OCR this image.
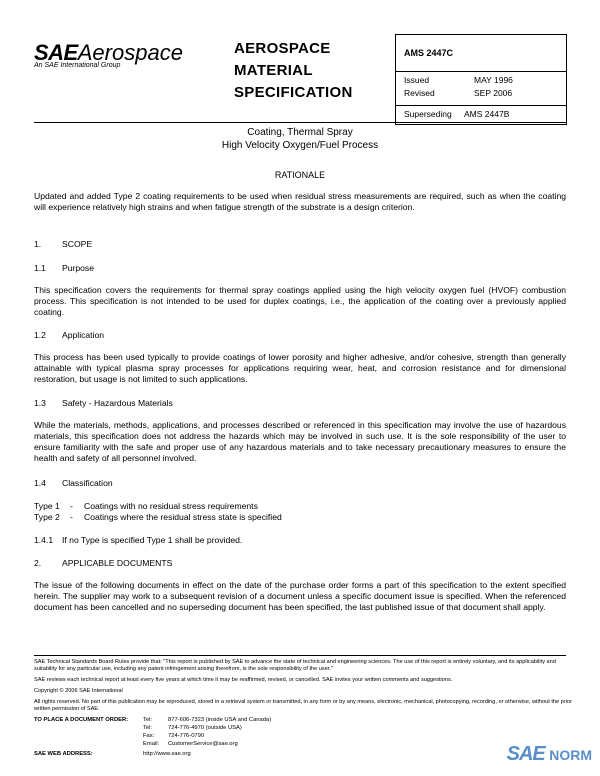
SAEAerospace
An SAE International Group
AEROSPACE
MATERIAL
SPECIFICATION
AMS 2447C
Issued	MAY 1996
Revised	SEP 2006
Superseding AMS 2447B
Coating, Thermal Spray
High Velocity Oxygen/Fuel Process
RATIONALE
Updated and added Type 2 coating requirements to be used when residual stress measurements are required, such as when the coating will experience relatively high strains and when fatigue strength of the substrate is a design criterion.
1. SCOPE
1.1 Purpose
This specification covers the requirements for thermal spray coatings applied using the high velocity oxygen fuel (HVOF) combustion process. This specification is not intended to be used for duplex coatings, i.e., the application of the coating over a previously applied coating.
1.2 Application
This process has been used typically to provide coatings of lower porosity and higher adhesive, and/or cohesive, strength than generally attainable with typical plasma spray processes for applications requiring wear, heat, and corrosion resistance and for dimensional restoration, but usage is not limited to such applications.
1.3 Safety - Hazardous Materials
While the materials, methods, applications, and processes described or referenced in this specification may involve the use of hazardous materials, this specification does not address the hazards which may be involved in such use. It is the sole responsibility of the user to ensure familiarity with the safe and proper use of any hazardous materials and to take necessary precautionary measures to ensure the health and safety of all personnel involved.
1.4 Classification
Type 1 - Coatings with no residual stress requirements
Type 2 - Coatings where the residual stress state is specified
1.4.1 If no Type is specified Type 1 shall be provided.
2. APPLICABLE DOCUMENTS
The issue of the following documents in effect on the date of the purchase order forms a part of this specification to the extent specified herein. The supplier may work to a subsequent revision of a document unless a specific document issue is specified. When the referenced document has been cancelled and no superseding document has been specified, the last published issue of that document shall apply.
SAE Technical Standards Board Rules provide that: "This report is published by SAE to advance the state of technical and engineering sciences. The use of this report is entirely voluntary, and its applicability and suitability for any particular use, including any patent infringement arising therefrom, is the sole responsibility of the user."
SAE reviews each technical report at least every five years at which time it may be reaffirmed, revised, or cancelled. SAE invites your written comments and suggestions.
Copyright © 2006 SAE International
All rights reserved. No part of this publication may be reproduced, stored in a retrieval system or transmitted, in any form or by any means, electronic, mechanical, photocopying, recording, or otherwise, without the prior written permission of SAE.
TO PLACE A DOCUMENT ORDER:	Tel:	877-606-7323 (inside USA and Canada)
Tel:	724-776-4970 (outside USA)
Fax: 724-776-0790
Email: CustomerService@sae.org
SAE WEB ADDRESS:	http://www.sae.org	SAE NORM
